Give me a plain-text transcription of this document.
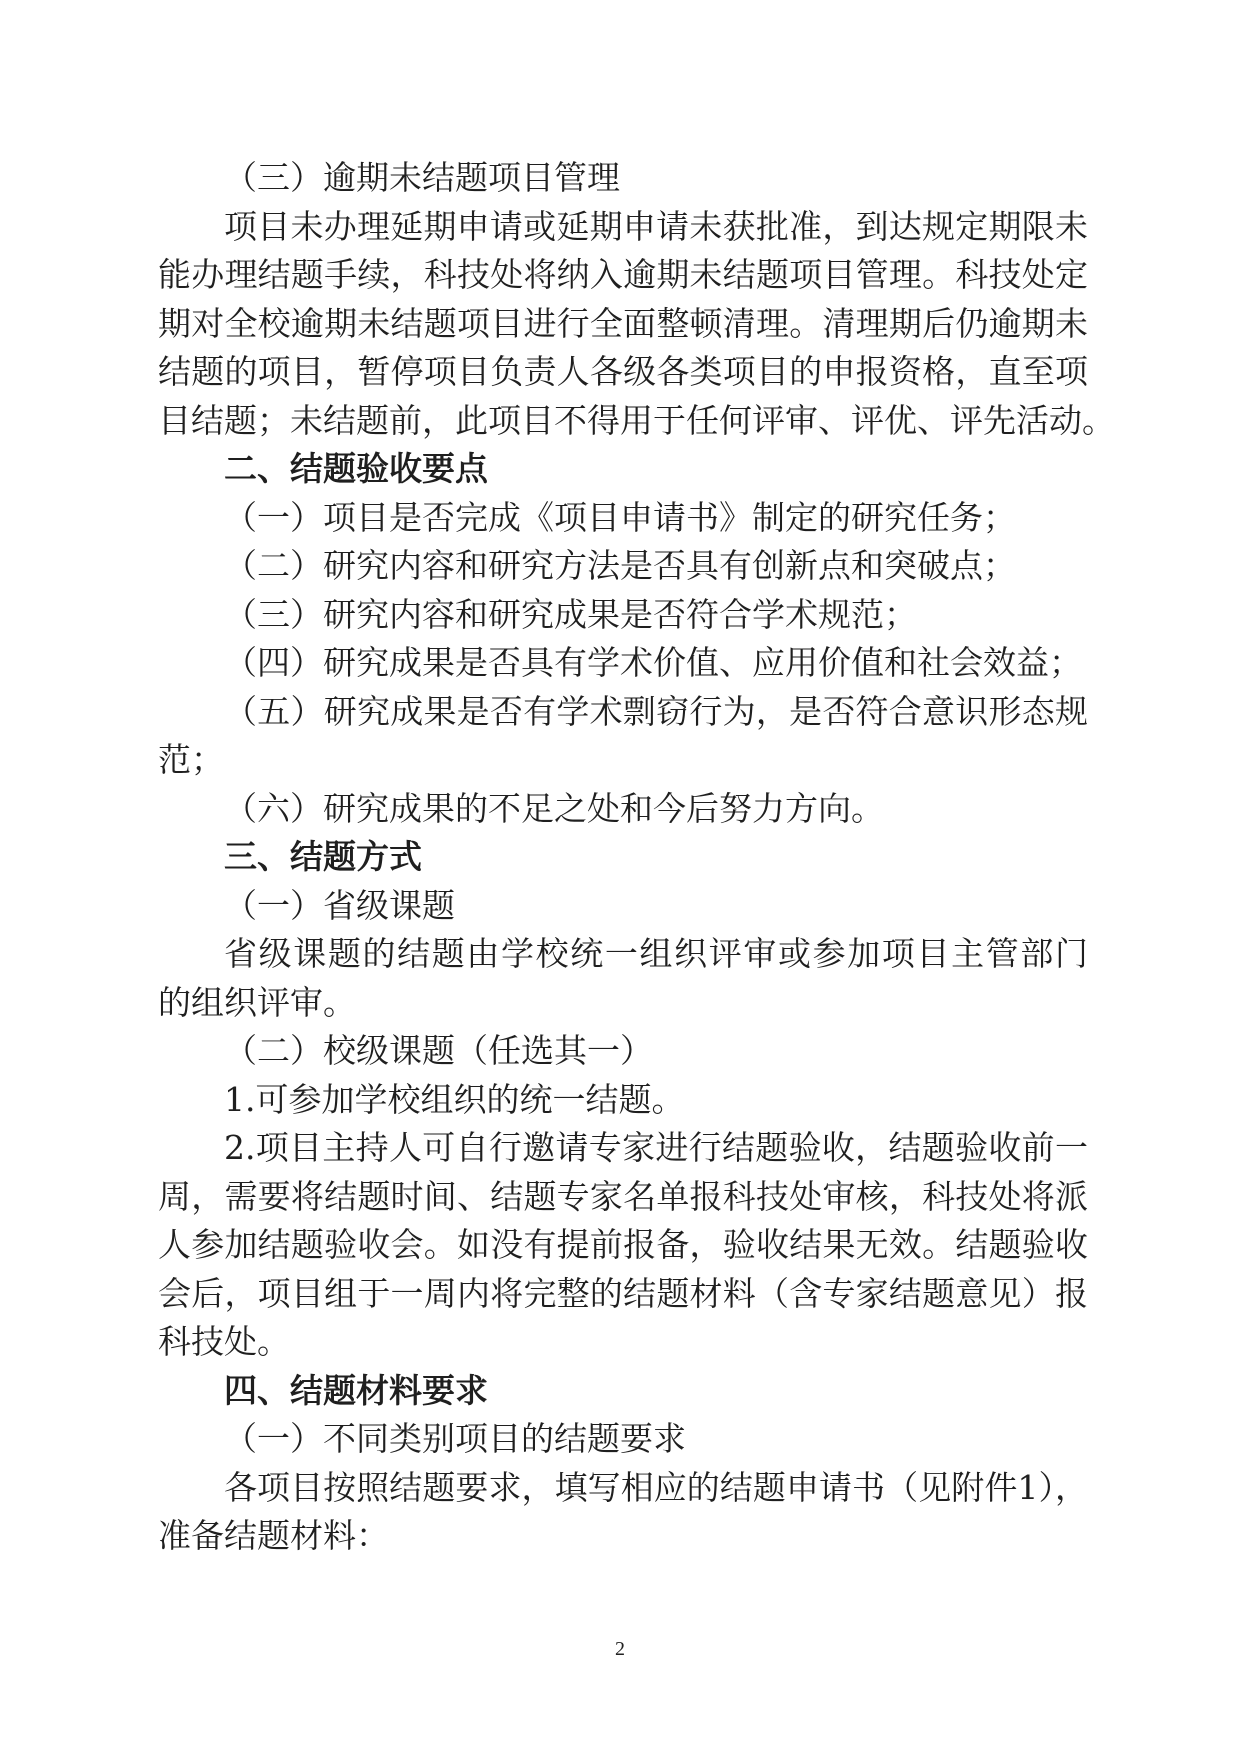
（三）逾期未结题项目管理
项目未办理延期申请或延期申请未获批准，到达规定期限未
能办理结题手续，科技处将纳入逾期未结题项目管理。科技处定
期对全校逾期未结题项目进行全面整顿清理。清理期后仍逾期未
结题的项目，暂停项目负责人各级各类项目的申报资格，直至项
目结题；未结题前，此项目不得用于任何评审、评优、评先活动。
二、结题验收要点
（一）项目是否完成《项目申请书》制定的研究任务；
（二）研究内容和研究方法是否具有创新点和突破点；
（三）研究内容和研究成果是否符合学术规范；
（四）研究成果是否具有学术价值、应用价值和社会效益；
（五）研究成果是否有学术剽窃行为，是否符合意识形态规
范；
（六）研究成果的不足之处和今后努力方向。
三、结题方式
（一）省级课题
省级课题的结题由学校统一组织评审或参加项目主管部门
的组织评审。
（二）校级课题（任选其一）
1.可参加学校组织的统一结题。
2.项目主持人可自行邀请专家进行结题验收，结题验收前一
周，需要将结题时间、结题专家名单报科技处审核，科技处将派
人参加结题验收会。如没有提前报备，验收结果无效。结题验收
会后，项目组于一周内将完整的结题材料（含专家结题意见）报
科技处。
四、结题材料要求
（一）不同类别项目的结题要求
各项目按照结题要求，填写相应的结题申请书（见附件1），
准备结题材料：
2
